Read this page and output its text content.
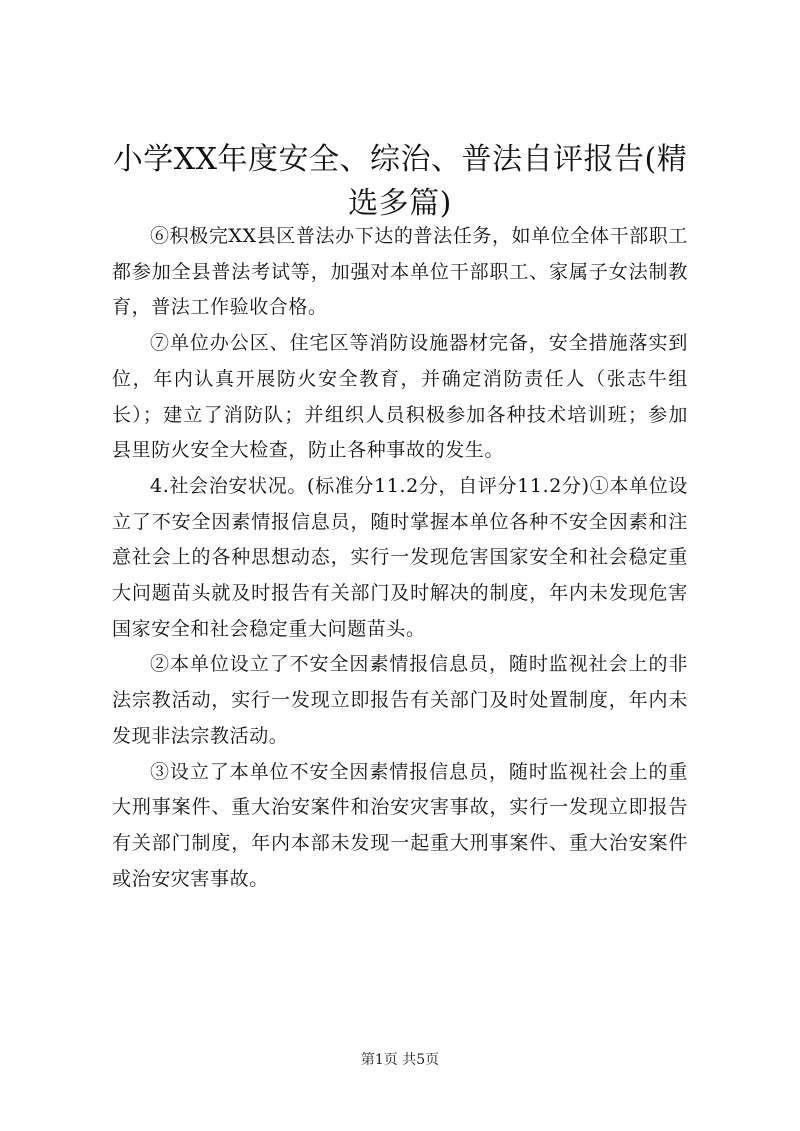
小学XX年度安全、综治、普法自评报告(精选多篇)

⑥积极完XX县区普法办下达的普法任务，如单位全体干部职工都参加全县普法考试等，加强对本单位干部职工、家属子女法制教育，普法工作验收合格。

⑦单位办公区、住宅区等消防设施器材完备，安全措施落实到位，年内认真开展防火安全教育，并确定消防责任人（张志牛组长）；建立了消防队；并组织人员积极参加各种技术培训班；参加县里防火安全大检查，防止各种事故的发生。

4.社会治安状况。(标准分11.2分，自评分11.2分)①本单位设立了不安全因素情报信息员，随时掌握本单位各种不安全因素和注意社会上的各种思想动态，实行一发现危害国家安全和社会稳定重大问题苗头就及时报告有关部门及时解决的制度，年内未发现危害国家安全和社会稳定重大问题苗头。

②本单位设立了不安全因素情报信息员，随时监视社会上的非法宗教活动，实行一发现立即报告有关部门及时处置制度，年内未发现非法宗教活动。

③设立了本单位不安全因素情报信息员，随时监视社会上的重大刑事案件、重大治安案件和治安灾害事故，实行一发现立即报告有关部门制度，年内本部未发现一起重大刑事案件、重大治安案件或治安灾害事故。

第1页 共5页
